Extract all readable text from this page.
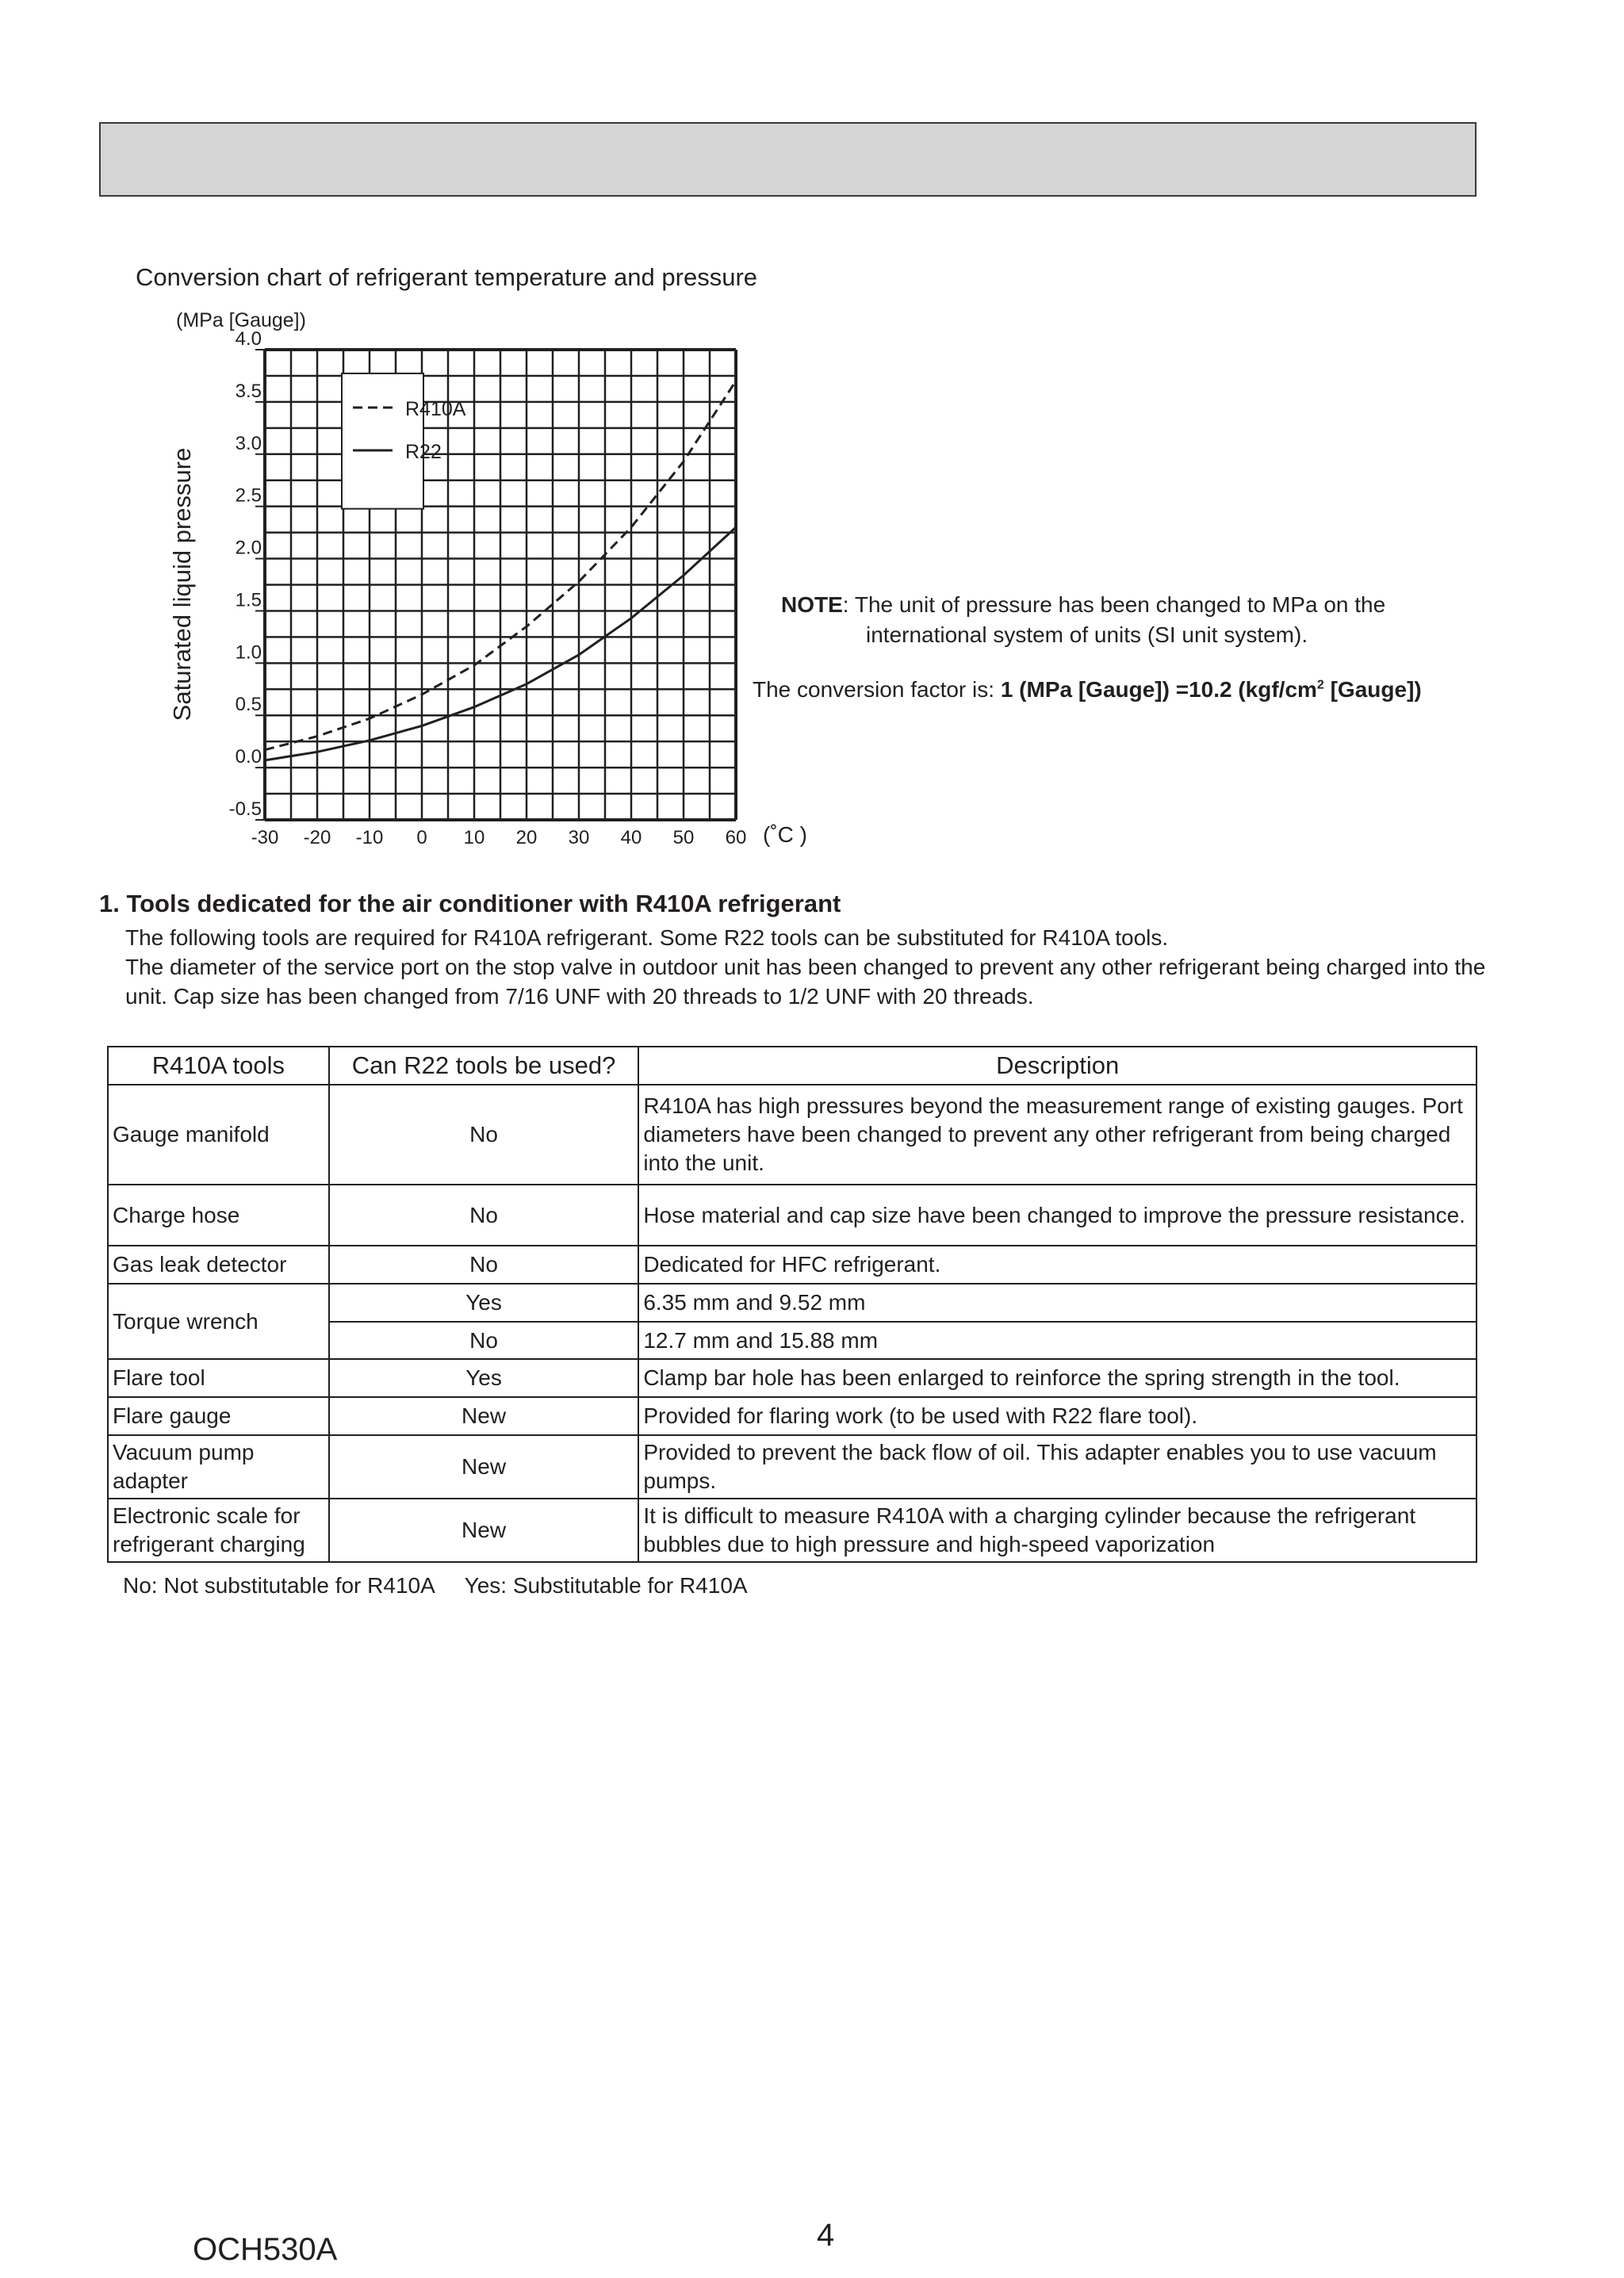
Conversion chart of refrigerant temperature and pressure
R410A
R22
4.0
3.5
3.0
2.5
2.0
1.5
1.0
0.5
0.0
-0.5
-30 -20 -10 0 10 20 30 40 50 60
(MPa [Gauge])
(˚C )
Saturated liquid pressure	NOTE: The unit of pressure has been changed to MPa on the
international system of units (SI unit system).
The conversion factor is: 1 (MPa [Gauge]) =10.2 ($kgf/cm^2$ [Gauge])
1. Tools dedicated for the air conditioner with R410A refrigerant

The following tools are required for R410A refrigerant. Some R22 tools can be substituted for R410A tools.

The diameter of the service port on the stop valve in outdoor unit has been changed to prevent any other refrigerant being charged into the unit. Cap size has been changed from 7/16 UNF with 20 threads to 1/2 UNF with 20 threads.

R410A tools	Can R22 tools be used?	Description
Gauge manifold	No	R410A has high pressures beyond the measurement range of existing gauges. Port diameters have been changed to prevent any other refrigerant from being charged into the unit.
Charge hose	No	Hose material and cap size have been changed to improve the pressure resistance.
Gas leak detector	No	Dedicated for HFC refrigerant.
Torque wrench	Yes	6.35 mm and 9.52 mm
	No	12.7 mm and 15.88 mm
Flare tool	Yes	Clamp bar hole has been enlarged to reinforce the spring strength in the tool.
Flare gauge	New	Provided for flaring work (to be used with R22 flare tool).
Vacuum pump adapter	New	Provided to prevent the back flow of oil. This adapter enables you to use vacuum pumps.
Electronic scale for refrigerant charging	New	It is difficult to measure R410A with a charging cylinder because the refrigerant bubbles due to high pressure and high-speed vaporization
No: Not substitutable for R410A     Yes: Substitutable for R410A
OCH530A	4
